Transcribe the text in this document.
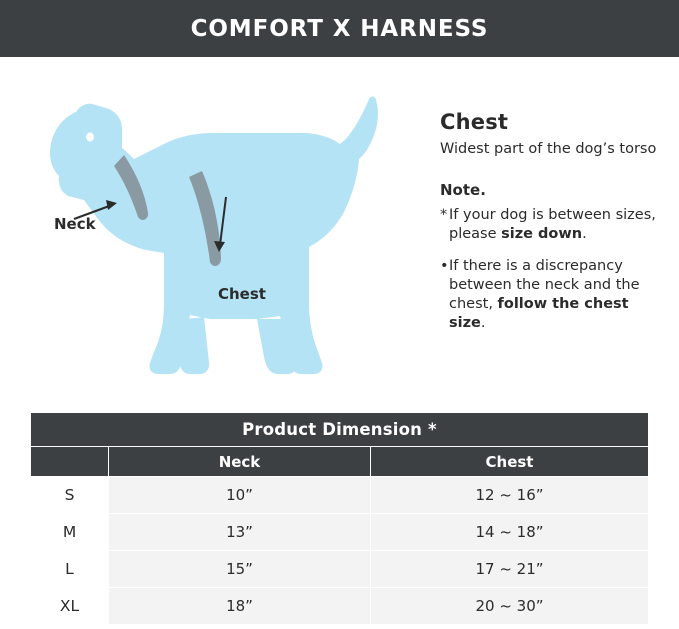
COMFORT X HARNESS
Neck
Chest
Chest
Widest part of the dog’s torso
Note.
* If your dog is between sizes, please size down.
• If there is a discrepancy between the neck and the chest, follow the chest size.
Product Dimension *		
	Neck	Chest
S	10”	12 ~ 16”
M	13”	14 ~ 18”
L	15”	17 ~ 21”
XL	18”	20 ~ 30”
